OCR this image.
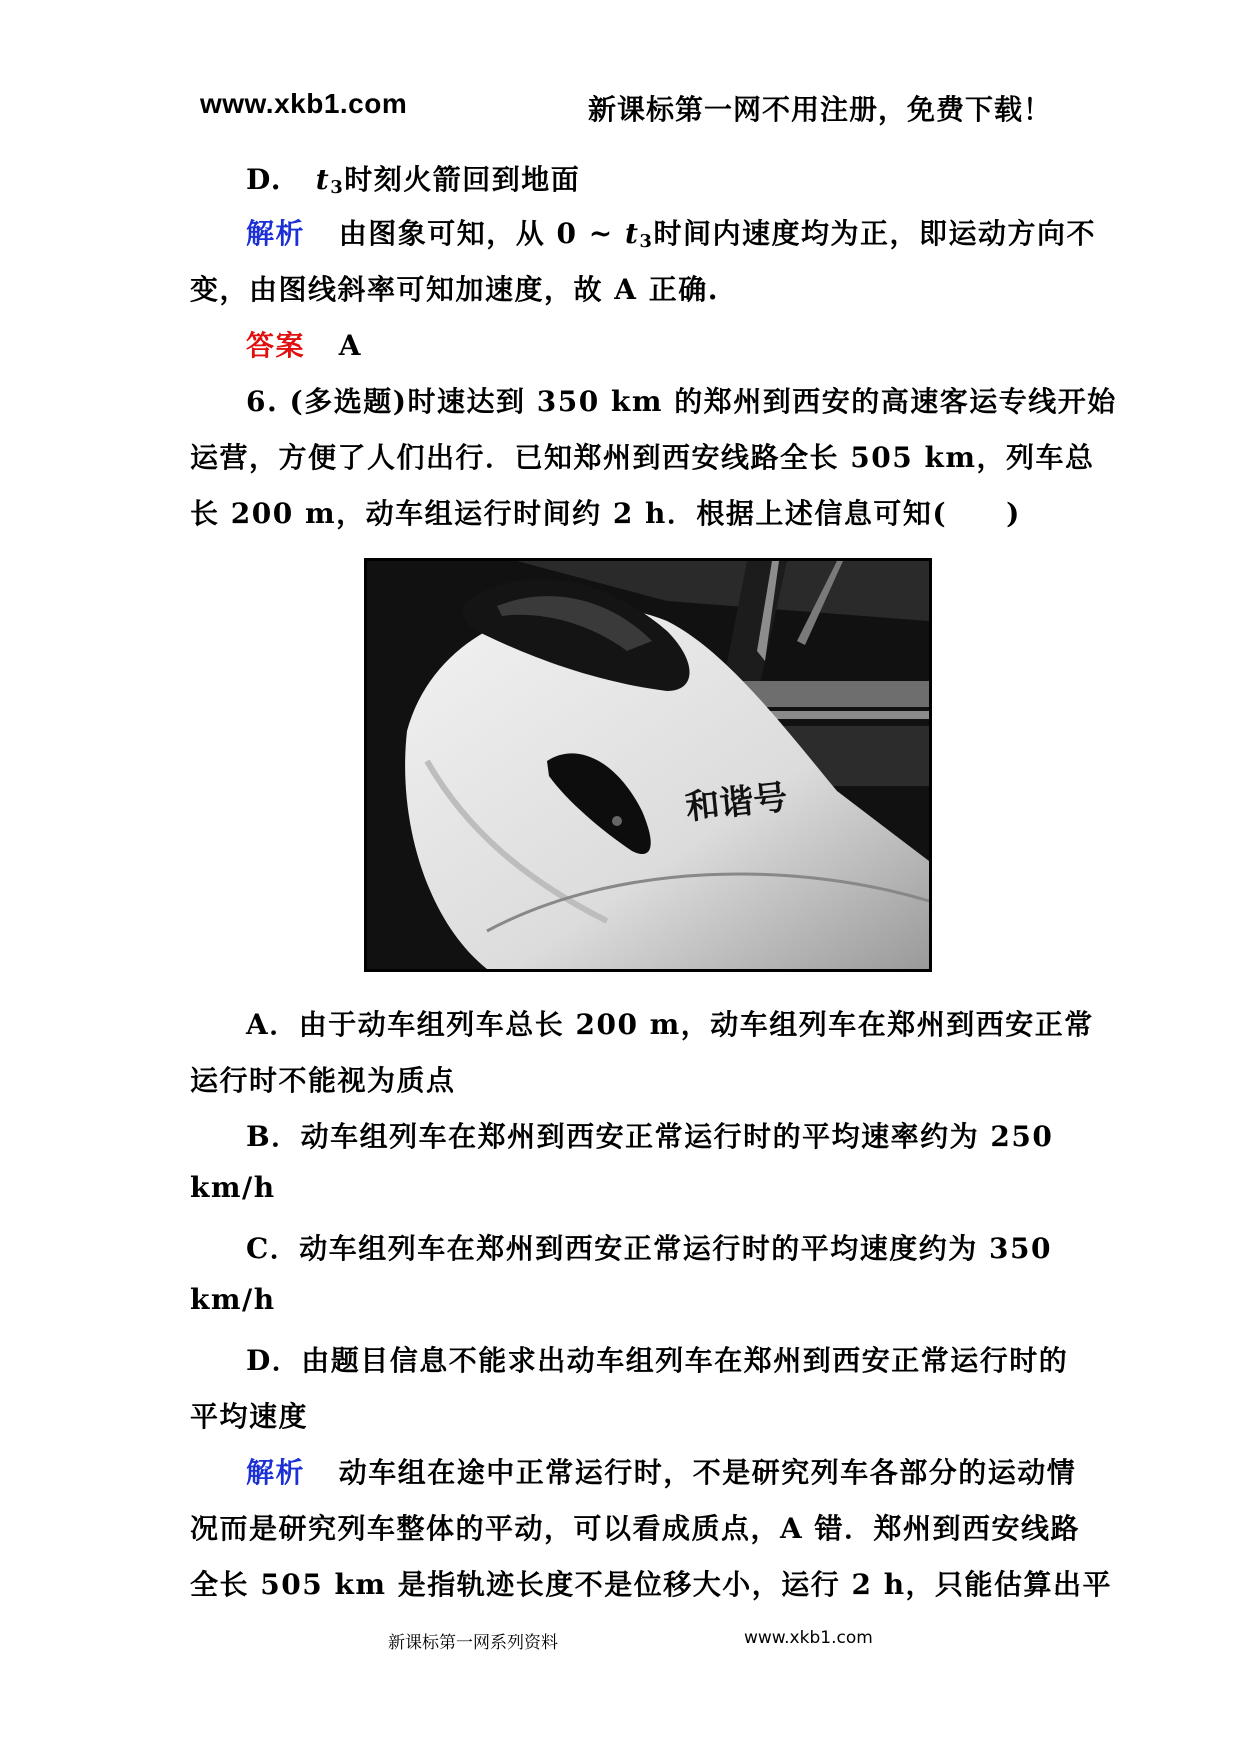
www.xkb1.com	新课标第一网不用注册，免费下载！
D. $t_3$时刻火箭回到地面
解析 由图象可知，从 0 ~ $t_3$时间内速度均为正，即运动方向不
变，由图线斜率可知加速度，故 A 正确.
答案 A
6. (多选题)时速达到 350 km 的郑州到西安的高速客运专线开始
运营，方便了人们出行．已知郑州到西安线路全长 505 km，列车总
长 200 m，动车组运行时间约 2 h．根据上述信息可知(　　)
和谐号
A．由于动车组列车总长 200 m，动车组列车在郑州到西安正常
运行时不能视为质点
B．动车组列车在郑州到西安正常运行时的平均速率约为 250
km/h
C．动车组列车在郑州到西安正常运行时的平均速度约为 350
km/h
D．由题目信息不能求出动车组列车在郑州到西安正常运行时的
平均速度
解析 动车组在途中正常运行时，不是研究列车各部分的运动情
况而是研究列车整体的平动，可以看成质点，A 错．郑州到西安线路
全长 505 km 是指轨迹长度不是位移大小，运行 2 h，只能估算出平
新课标第一网系列资料	www.xkb1.com
